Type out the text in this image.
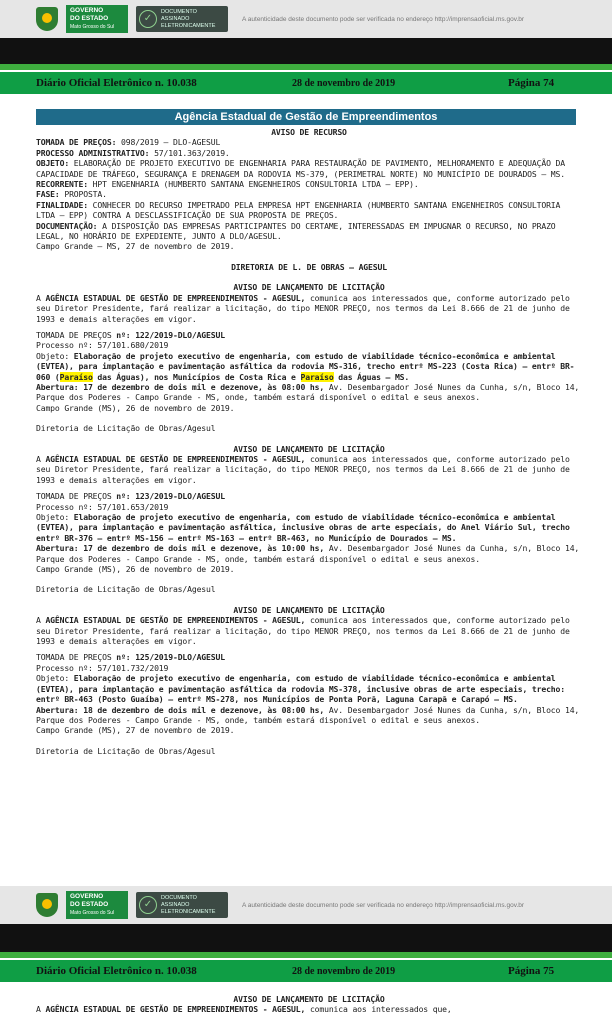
GOVERNO
DO ESTADO
Mato Grosso do Sul
✓
DOCUMENTO
ASSINADO
ELETRONICAMENTE
A autenticidade deste documento pode ser verificada no endereço http://imprensaoficial.ms.gov.br
Diário Oficial Eletrônico n. 10.038	28 de novembro de 2019	Página 74
Agência Estadual de Gestão de Empreendimentos

AVISO DE RECURSO

TOMADA DE PREÇOS: 098/2019 – DLO-AGESUL

PROCESSO ADMINISTRATIVO: 57/101.363/2019.

OBJETO: ELABORAÇÃO DE PROJETO EXECUTIVO DE ENGENHARIA PARA RESTAURAÇÃO DE PAVIMENTO, MELHORAMENTO E ADEQUAÇÃO DA CAPACIDADE DE TRÁFEGO, SEGURANÇA E DRENAGEM DA RODOVIA MS-379, (PERIMETRAL NORTE) NO MUNICÍPIO DE DOURADOS – MS.

RECORRENTE: HPT ENGENHARIA (HUMBERTO SANTANA ENGENHEIROS CONSULTORIA LTDA – EPP).

FASE: PROPOSTA.

FINALIDADE: CONHECER DO RECURSO IMPETRADO PELA EMPRESA HPT ENGENHARIA (HUMBERTO SANTANA ENGENHEIROS CONSULTORIA LTDA – EPP) CONTRA A DESCLASSIFICAÇÃO DE SUA PROPOSTA DE PREÇOS.

DOCUMENTAÇÃO: A DISPOSIÇÃO DAS EMPRESAS PARTICIPANTES DO CERTAME, INTERESSADAS EM IMPUGNAR O RECURSO, NO PRAZO LEGAL, NO HORÁRIO DE EXPEDIENTE, JUNTO A DLO/AGESUL.

Campo Grande – MS, 27 de novembro de 2019.

DIRETORIA DE L. DE OBRAS – AGESUL

AVISO DE LANÇAMENTO DE LICITAÇÃO

A AGÊNCIA ESTADUAL DE GESTÃO DE EMPREENDIMENTOS - AGESUL, comunica aos interessados que, conforme autorizado pelo seu Diretor Presidente, fará realizar a licitação, do tipo MENOR PREÇO, nos termos da Lei 8.666 de 21 de junho de 1993 e demais alterações em vigor.

TOMADA DE PREÇOS nº: 122/2019-DLO/AGESUL

Processo nº: 57/101.680/2019

Objeto: Elaboração de projeto executivo de engenharia, com estudo de viabilidade técnico-econômica e ambiental (EVTEA), para implantação e pavimentação asfáltica da rodovia MS-316, trecho entrº MS-223 (Costa Rica) – entrº BR-060 (Paraíso das Águas), nos Municípios de Costa Rica e Paraíso das Águas – MS.

Abertura: 17 de dezembro de dois mil e dezenove, às 08:00 hs, Av. Desembargador José Nunes da Cunha, s/n, Bloco 14, Parque dos Poderes - Campo Grande - MS, onde, também estará disponível o edital e seus anexos.

Campo Grande (MS), 26 de novembro de 2019.

Diretoria de Licitação de Obras/Agesul

AVISO DE LANÇAMENTO DE LICITAÇÃO

A AGÊNCIA ESTADUAL DE GESTÃO DE EMPREENDIMENTOS - AGESUL, comunica aos interessados que, conforme autorizado pelo seu Diretor Presidente, fará realizar a licitação, do tipo MENOR PREÇO, nos termos da Lei 8.666 de 21 de junho de 1993 e demais alterações em vigor.

TOMADA DE PREÇOS nº: 123/2019-DLO/AGESUL

Processo nº: 57/101.653/2019

Objeto: Elaboração de projeto executivo de engenharia, com estudo de viabilidade técnico-econômica e ambiental (EVTEA), para implantação e pavimentação asfáltica, inclusive obras de arte especiais, do Anel Viário Sul, trecho entrº BR-376 – entrº MS-156 – entrº MS-163 – entrº BR-463, no Município de Dourados – MS.

Abertura: 17 de dezembro de dois mil e dezenove, às 10:00 hs, Av. Desembargador José Nunes da Cunha, s/n, Bloco 14, Parque dos Poderes - Campo Grande - MS, onde, também estará disponível o edital e seus anexos.

Campo Grande (MS), 26 de novembro de 2019.

Diretoria de Licitação de Obras/Agesul

AVISO DE LANÇAMENTO DE LICITAÇÃO

A AGÊNCIA ESTADUAL DE GESTÃO DE EMPREENDIMENTOS - AGESUL, comunica aos interessados que, conforme autorizado pelo seu Diretor Presidente, fará realizar a licitação, do tipo MENOR PREÇO, nos termos da Lei 8.666 de 21 de junho de 1993 e demais alterações em vigor.

TOMADA DE PREÇOS nº: 125/2019-DLO/AGESUL

Processo nº: 57/101.732/2019

Objeto: Elaboração de projeto executivo de engenharia, com estudo de viabilidade técnico-econômica e ambiental (EVTEA), para implantação e pavimentação asfáltica da rodovia MS-378, inclusive obras de arte especiais, trecho: entrº BR-463 (Posto Guaíba) – entrº MS-278, nos Municípios de Ponta Porã, Laguna Carapã e Carapó – MS.

Abertura: 18 de dezembro de dois mil e dezenove, às 08:00 hs, Av. Desembargador José Nunes da Cunha, s/n, Bloco 14, Parque dos Poderes - Campo Grande - MS, onde, também estará disponível o edital e seus anexos.

Campo Grande (MS), 27 de novembro de 2019.

Diretoria de Licitação de Obras/Agesul

GOVERNO
DO ESTADO
Mato Grosso do Sul
✓
DOCUMENTO
ASSINADO
ELETRONICAMENTE
A autenticidade deste documento pode ser verificada no endereço http://imprensaoficial.ms.gov.br
Diário Oficial Eletrônico n. 10.038	28 de novembro de 2019	Página 75

AVISO DE LANÇAMENTO DE LICITAÇÃO

A AGÊNCIA ESTADUAL DE GESTÃO DE EMPREENDIMENTOS - AGESUL, comunica aos interessados que,
